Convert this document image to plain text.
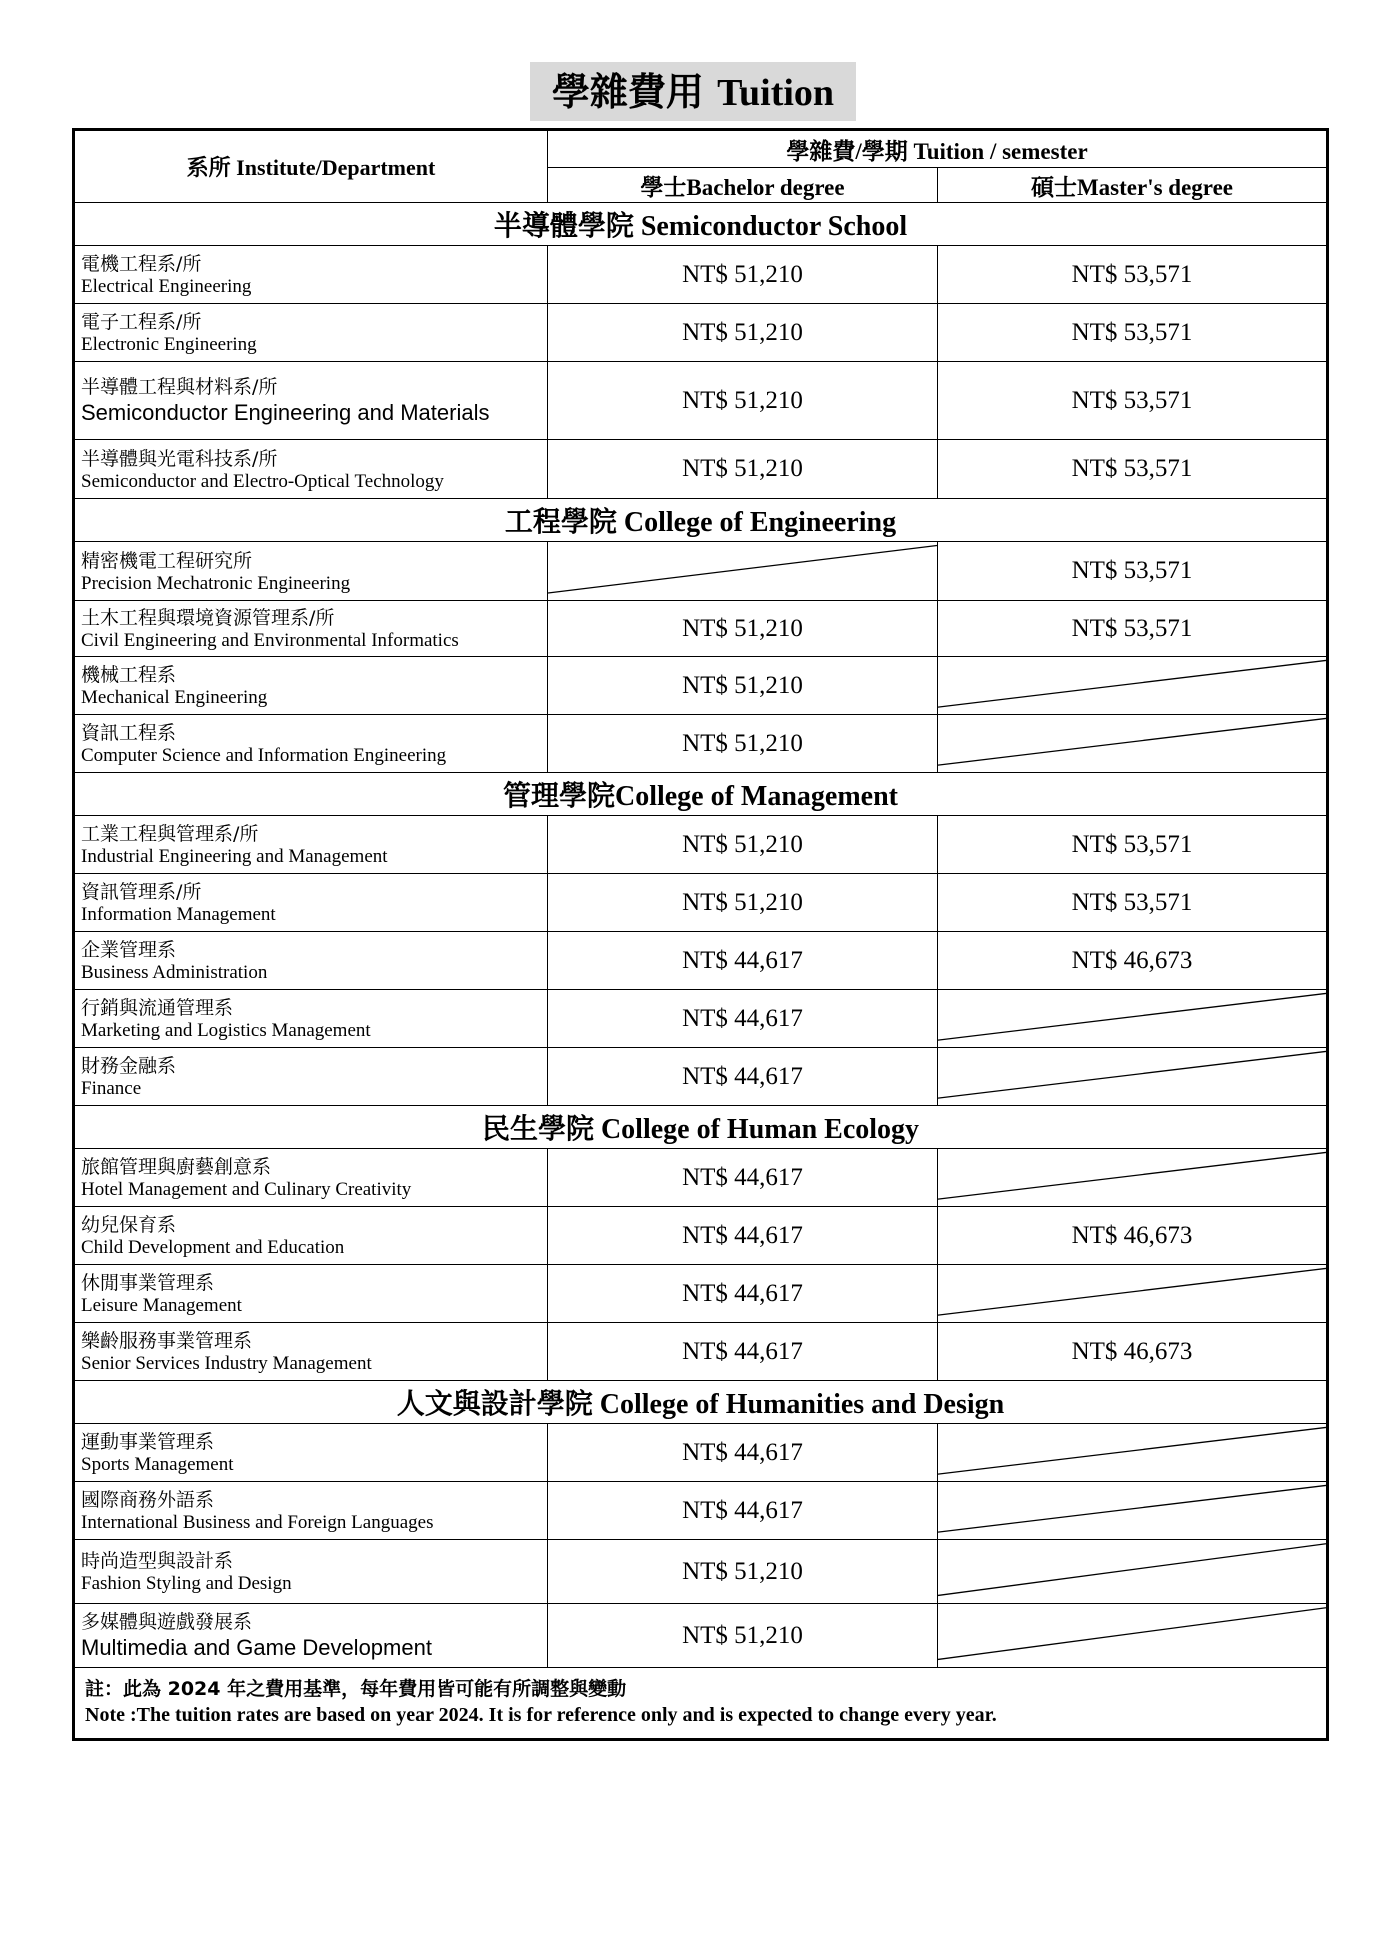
學雜費用 Tuition
系所 Institute/Department	學雜費/學期 Tuition / semester	
	學士Bachelor degree	碩士Master's degree
半導體學院 Semiconductor School		

電機工程系/所
Electrical Engineering	NT$ 51,210	NT$ 53,571

電子工程系/所
Electronic Engineering	NT$ 51,210	NT$ 53,571

半導體工程與材料系/所
Semiconductor Engineering and Materials	NT$ 51,210	NT$ 53,571

半導體與光電科技系/所
Semiconductor and Electro-Optical Technology	NT$ 51,210	NT$ 53,571
工程學院 College of Engineering		

精密機電工程研究所
Precision Mechatronic Engineering		NT$ 53,571

土木工程與環境資源管理系/所
Civil Engineering and Environmental Informatics	NT$ 51,210	NT$ 53,571

機械工程系
Mechanical Engineering	NT$ 51,210	

資訊工程系
Computer Science and Information Engineering	NT$ 51,210	

管理學院College of Management		

工業工程與管理系/所
Industrial Engineering and Management	NT$ 51,210	NT$ 53,571

資訊管理系/所
Information Management	NT$ 51,210	NT$ 53,571

企業管理系
Business Administration	NT$ 44,617	NT$ 46,673

行銷與流通管理系
Marketing and Logistics Management	NT$ 44,617	

財務金融系
Finance	NT$ 44,617	

民生學院 College of Human Ecology		

旅館管理與廚藝創意系
Hotel Management and Culinary Creativity	NT$ 44,617	

幼兒保育系
Child Development and Education	NT$ 44,617	NT$ 46,673

休閒事業管理系
Leisure Management	NT$ 44,617	

樂齡服務事業管理系
Senior Services Industry Management	NT$ 44,617	NT$ 46,673
人文與設計學院 College of Humanities and Design		

運動事業管理系
Sports Management	NT$ 44,617	

國際商務外語系
International Business and Foreign Languages	NT$ 44,617	

時尚造型與設計系
Fashion Styling and Design	NT$ 51,210	

多媒體與遊戲發展系
Multimedia and Game Development	NT$ 51,210	

註：此為 2024 年之費用基準，每年費用皆可能有所調整與變動
Note :The tuition rates are based on year 2024. It is for reference only and is expected to change every year.		
